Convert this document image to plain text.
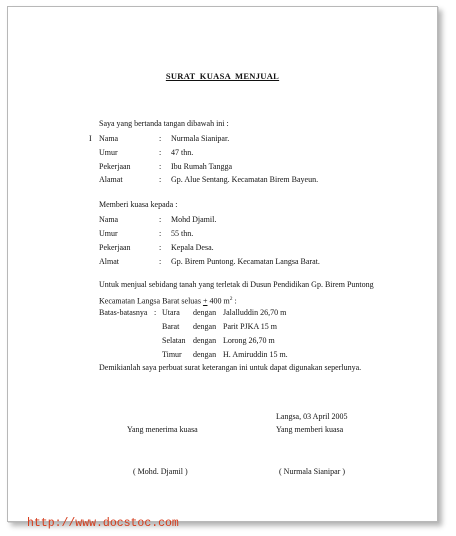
SURAT KUASA MENJUAL
Saya yang bertanda tangan dibawah ini :
I Nama	: Nurmala Sianipar.
Umur	: 47 thn.
Pekerjaan	: Ibu Rumah Tangga
Alamat	: Gp. Alue Sentang. Kecamatan Birem Bayeun.
Memberi kuasa kepada :
Nama	: Mohd Djamil.
Umur	: 55 thn.
Pekerjaan	: Kepala Desa.
Almat	: Gp. Birem Puntong. Kecamatan Langsa Barat.
Untuk menjual sebidang tanah yang terletak di Dusun Pendidikan Gp. Birem Puntong
Kecamatan Langsa Barat seluas + 400 $m^2$ :
Batas-batasnya : Utara dengan Jalalluddin 26,70 m
Barat dengan Parit PJKA 15 m
Selatan dengan Lorong 26,70 m
Timur dengan H. Amiruddin 15 m.
Demikianlah saya perbuat surat keterangan ini untuk dapat digunakan seperlunya.
Langsa, 03 April 2005
Yang menerima kuasa	Yang memberi kuasa
( Mohd. Djamil )	( Nurmala Sianipar )
http://www.docstoc.com
